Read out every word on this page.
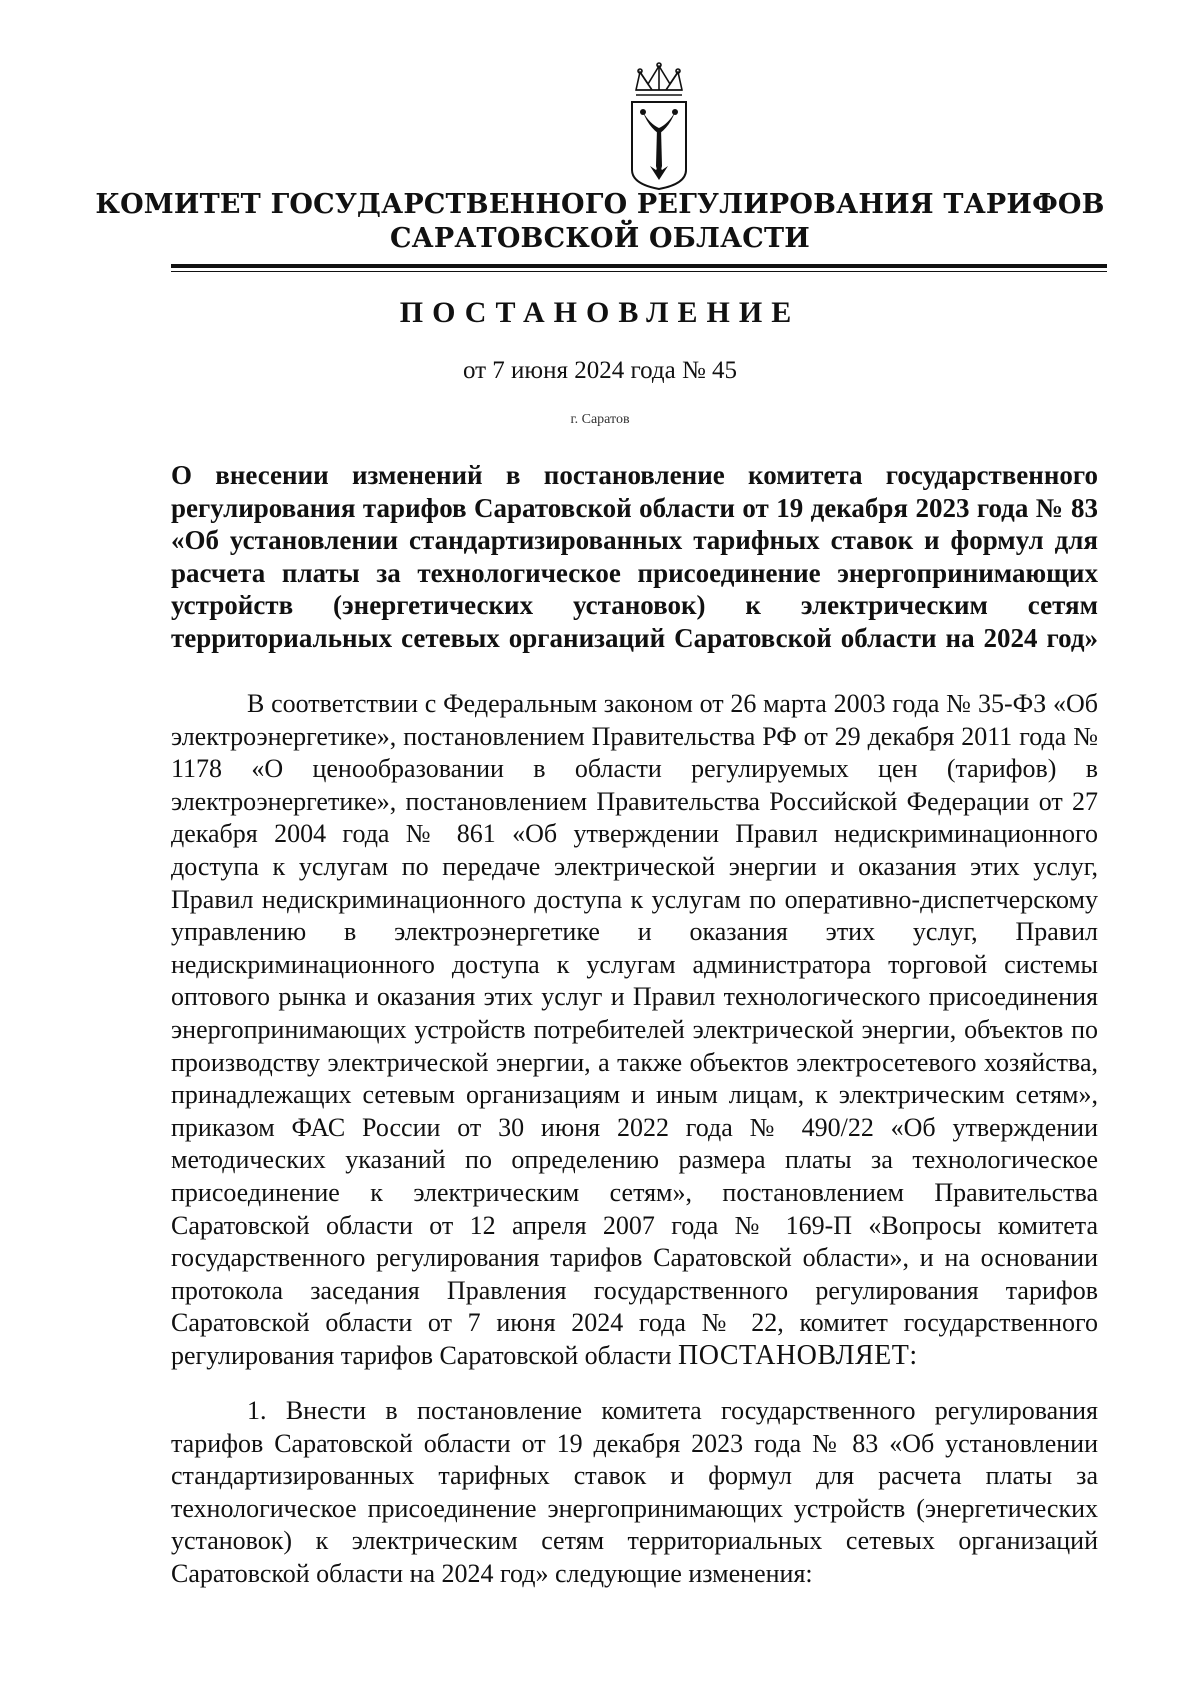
КОМИТЕТ ГОСУДАРСТВЕННОГО РЕГУЛИРОВАНИЯ ТАРИФОВ
САРАТОВСКОЙ ОБЛАСТИ
ПОСТАНОВЛЕНИЕ
от 7 июня 2024 года № 45
г. Саратов
О внесении изменений в постановление комитета государственного регулирования тарифов Саратовской области от 19 декабря 2023 года № 83 «Об установлении стандартизированных тарифных ставок и формул для расчета платы за технологическое присоединение энергопринимающих устройств (энергетических установок) к электрическим сетям территориальных сетевых организаций Саратовской области на 2024 год»
В соответствии с Федеральным законом от 26 марта 2003 года № 35-ФЗ «Об электроэнергетике», постановлением Правительства РФ от 29 декабря 2011 года № 1178 «О ценообразовании в области регулируемых цен (тарифов) в электроэнергетике», постановлением Правительства Российской Федерации от 27 декабря 2004 года № 861 «Об утверждении Правил недискриминационного доступа к услугам по передаче электрической энергии и оказания этих услуг, Правил недискриминационного доступа к услугам по оперативно-диспетчерскому управлению в электроэнергетике и оказания этих услуг, Правил недискриминационного доступа к услугам администратора торговой системы оптового рынка и оказания этих услуг и Правил технологического присоединения энергопринимающих устройств потребителей электрической энергии, объектов по производству электрической энергии, а также объектов электросетевого хозяйства, принадлежащих сетевым организациям и иным лицам, к электрическим сетям», приказом ФАС России от 30 июня 2022 года № 490/22 «Об утверждении методических указаний по определению размера платы за технологическое присоединение к электрическим сетям», постановлением Правительства Саратовской области от 12 апреля 2007 года № 169-П «Вопросы комитета государственного регулирования тарифов Саратовской области», и на основании протокола заседания Правления государственного регулирования тарифов Саратовской области от 7 июня 2024 года № 22, комитет государственного регулирования тарифов Саратовской области ПОСТАНОВЛЯЕТ:
1. Внести в постановление комитета государственного регулирования тарифов Саратовской области от 19 декабря 2023 года № 83 «Об установлении стандартизированных тарифных ставок и формул для расчета платы за технологическое присоединение энергопринимающих устройств (энергетических установок) к электрическим сетям территориальных сетевых организаций Саратовской области на 2024 год» следующие изменения:
